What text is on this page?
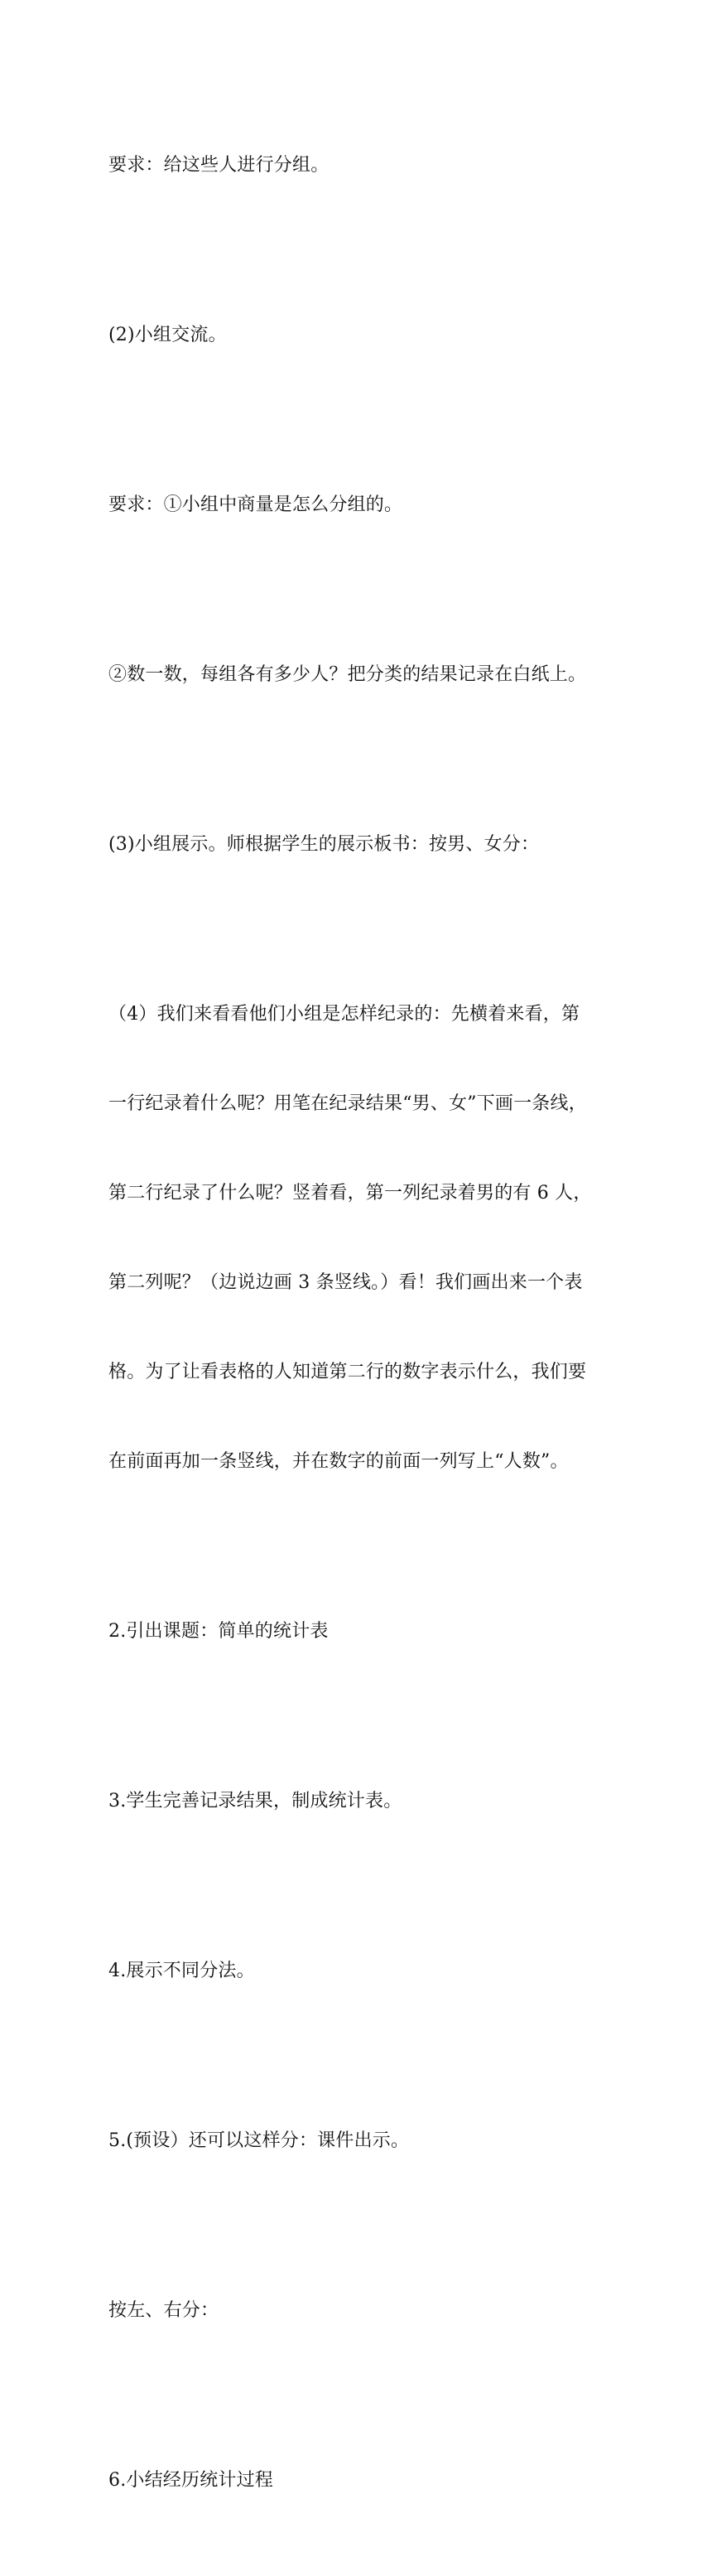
要求：给这些人进行分组。

(2)小组交流。

要求：①小组中商量是怎么分组的。

②数一数，每组各有多少人？把分类的结果记录在白纸上。

(3)小组展示。师根据学生的展示板书：按男、女分：

（4）我们来看看他们小组是怎样纪录的：先横着来看，第

一行纪录着什么呢？用笔在纪录结果“男、女”下画一条线，

第二行纪录了什么呢？竖着看，第一列纪录着男的有 6 人，

第二列呢？（边说边画 3 条竖线。）看！我们画出来一个表

格。为了让看表格的人知道第二行的数字表示什么，我们要

在前面再加一条竖线，并在数字的前面一列写上“人数”。

2.引出课题：简单的统计表

3.学生完善记录结果，制成统计表。

4.展示不同分法。

5.(预设）还可以这样分：课件出示。

按左、右分：

6.小结经历统计过程
